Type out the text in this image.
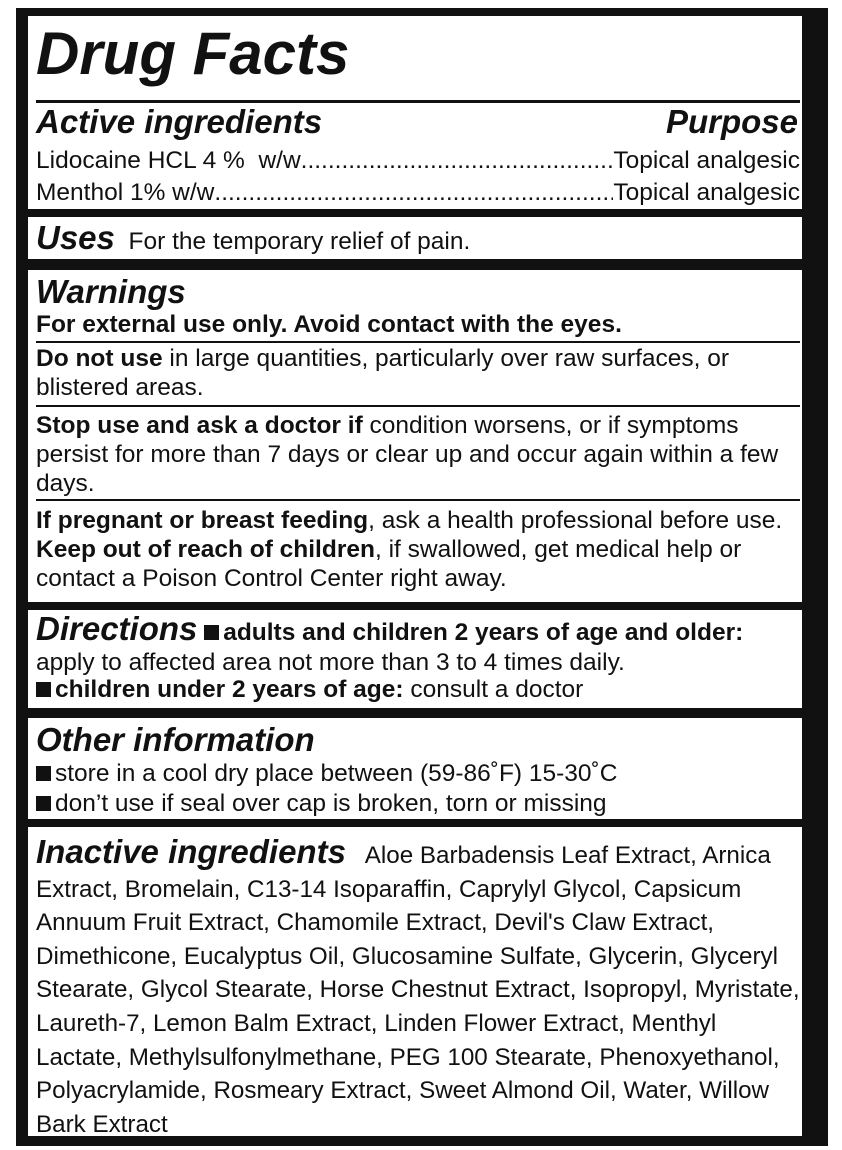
Drug Facts
Active ingredients	Purpose
Lidocaine HCL 4 %  w/w .....	Topical analgesic
Menthol 1% w/w .....	Topical analgesic
Uses For the temporary relief of pain.
Warnings
For external use only. Avoid contact with the eyes.
Do not use in large quantities, particularly over raw surfaces, or blistered areas.
Stop use and ask a doctor if condition worsens, or if symptoms persist for more than 7 days or clear up and occur again within a few days.
If pregnant or breast feeding, ask a health professional before use. Keep out of reach of children, if swallowed, get medical help or contact a Poison Control Center right away.
Directions adults and children 2 years of age and older: apply to affected area not more than 3 to 4 times daily.
children under 2 years of age: consult a doctor
Other information
store in a cool dry place between (59-86˚F) 15-30˚C
don’t use if seal over cap is broken, torn or missing
Inactive ingredients Aloe Barbadensis Leaf Extract, Arnica Extract, Bromelain, C13-14 Isoparaffin, Caprylyl Glycol, Capsicum Annuum Fruit Extract, Chamomile Extract, Devil's Claw Extract, Dimethicone, Eucalyptus Oil, Glucosamine Sulfate, Glycerin, Glyceryl Stearate, Glycol Stearate, Horse Chestnut Extract, Isopropyl, Myristate, Laureth-7, Lemon Balm Extract, Linden Flower Extract, Menthyl Lactate, Methylsulfonylmethane, PEG 100 Stearate, Phenoxyethanol, Polyacrylamide, Rosmeary Extract, Sweet Almond Oil, Water, Willow Bark Extract
